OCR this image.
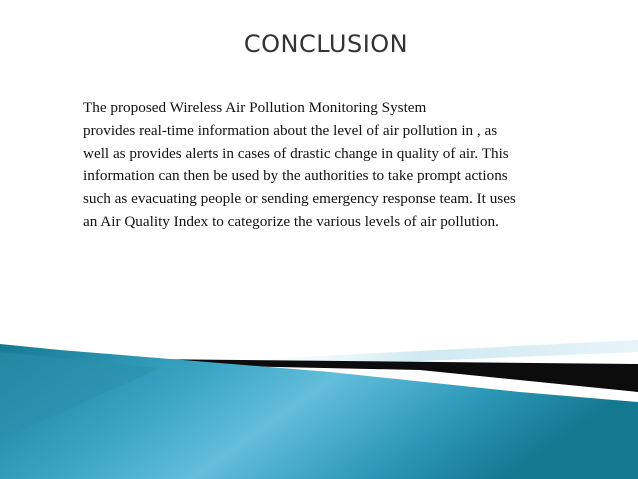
CONCLUSION

The proposed Wireless Air Pollution Monitoring System
provides real-time information about the level of air pollution in , as
well as provides alerts in cases of drastic change in quality of air. This
information can then be used by the authorities to take prompt actions
such as evacuating people or sending emergency response team. It uses
an Air Quality Index to categorize the various levels of air pollution.
